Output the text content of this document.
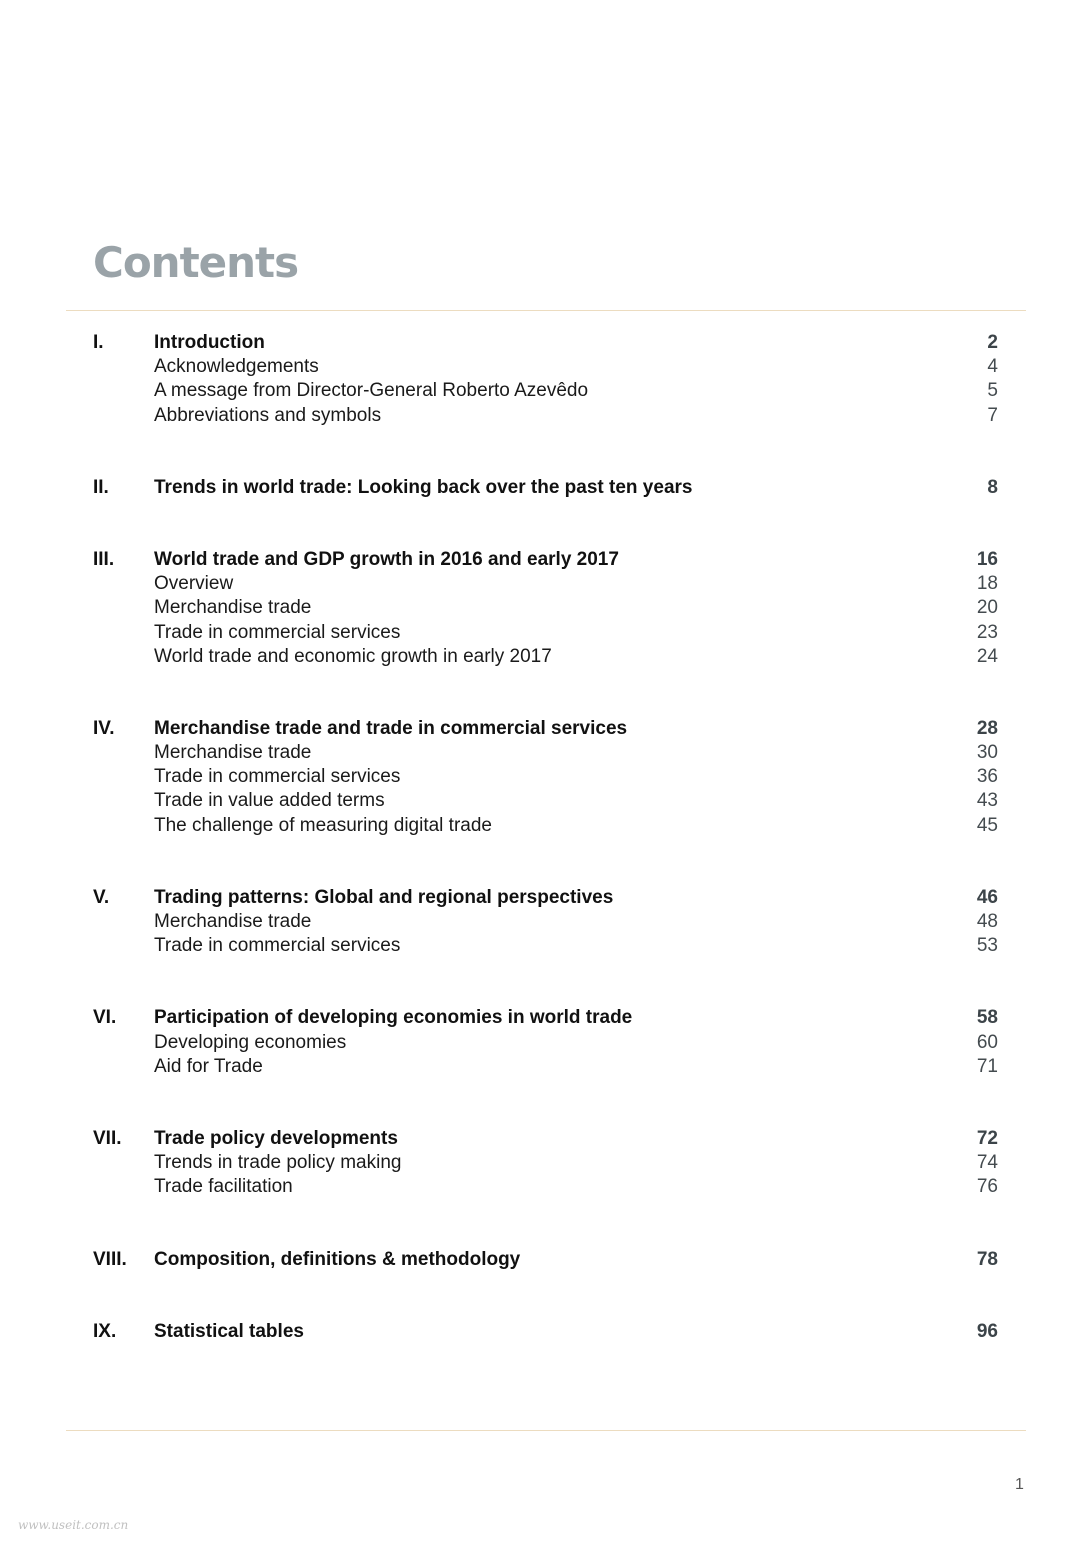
Contents
I.	Introduction	2
Acknowledgements	4
A message from Director-General Roberto Azevêdo	5
Abbreviations and symbols	7
II. Trends in world trade: Looking back over the past ten years	8
III. World trade and GDP growth in 2016 and early 2017	16
Overview	18
Merchandise trade	20
Trade in commercial services	23
World trade and economic growth in early 2017	24
IV. Merchandise trade and trade in commercial services	28
Merchandise trade	30
Trade in commercial services	36
Trade in value added terms	43
The challenge of measuring digital trade	45
V. Trading patterns: Global and regional perspectives	46
Merchandise trade	48
Trade in commercial services	53
VI. Participation of developing economies in world trade	58
Developing economies	60
Aid for Trade	71
VII. Trade policy developments	72
Trends in trade policy making	74
Trade facilitation	76
VIII. Composition, definitions & methodology	78
IX. Statistical tables	96
1
www.useit.com.cn
